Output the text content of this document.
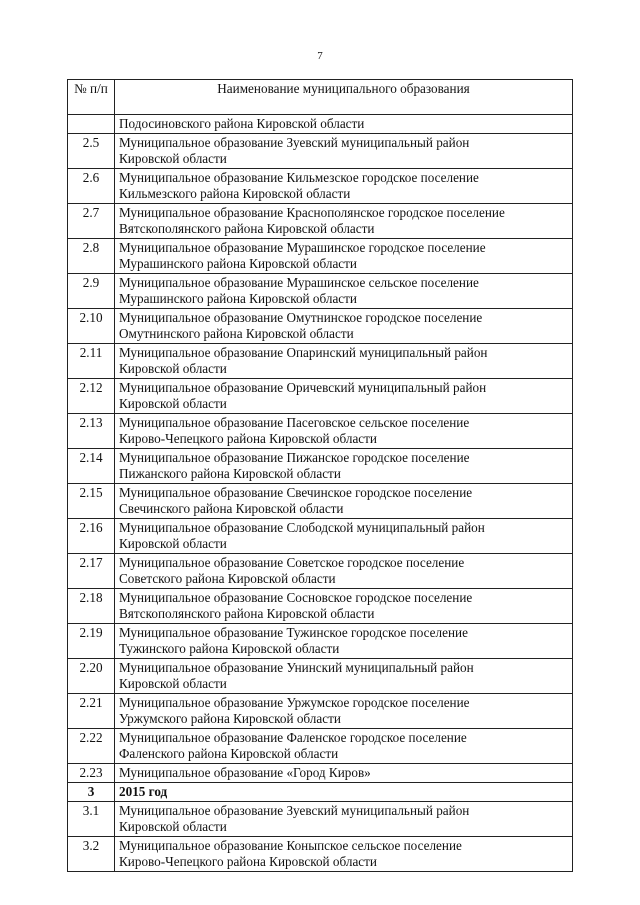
7
№ п/п	Наименование муниципального образования

	Подосиновского района Кировской области

2.5	Муниципальное образование Зуевский муниципальный район
Кировской области

2.6	Муниципальное образование Кильмезское городское поселение
Кильмезского района Кировской области

2.7	Муниципальное образование Краснополянское городское поселение
Вятскополянского района Кировской области

2.8	Муниципальное образование Мурашинское городское поселение
Мурашинского района Кировской области

2.9	Муниципальное образование Мурашинское сельское поселение
Мурашинского района Кировской области

2.10	Муниципальное образование Омутнинское городское поселение
Омутнинского района Кировской области

2.11	Муниципальное образование Опаринский муниципальный район
Кировской области

2.12	Муниципальное образование Оричевский муниципальный район
Кировской области

2.13	Муниципальное образование Пасеговское сельское поселение
Кирово-Чепецкого района Кировской области

2.14	Муниципальное образование Пижанское городское поселение
Пижанского района Кировской области

2.15	Муниципальное образование Свечинское городское поселение
Свечинского района Кировской области

2.16	Муниципальное образование Слободской муниципальный район
Кировской области

2.17	Муниципальное образование Советское городское поселение
Советского района Кировской области

2.18	Муниципальное образование Сосновское городское поселение
Вятскополянского района Кировской области

2.19	Муниципальное образование Тужинское городское поселение
Тужинского района Кировской области

2.20	Муниципальное образование Унинский муниципальный район
Кировской области

2.21	Муниципальное образование Уржумское городское поселение
Уржумского района Кировской области

2.22	Муниципальное образование Фаленское городское поселение
Фаленского района Кировской области

2.23	Муниципальное образование «Город Киров»

3	2015 год

3.1	Муниципальное образование Зуевский муниципальный район
Кировской области

3.2	Муниципальное образование Коныпское сельское поселение
Кирово-Чепецкого района Кировской области
